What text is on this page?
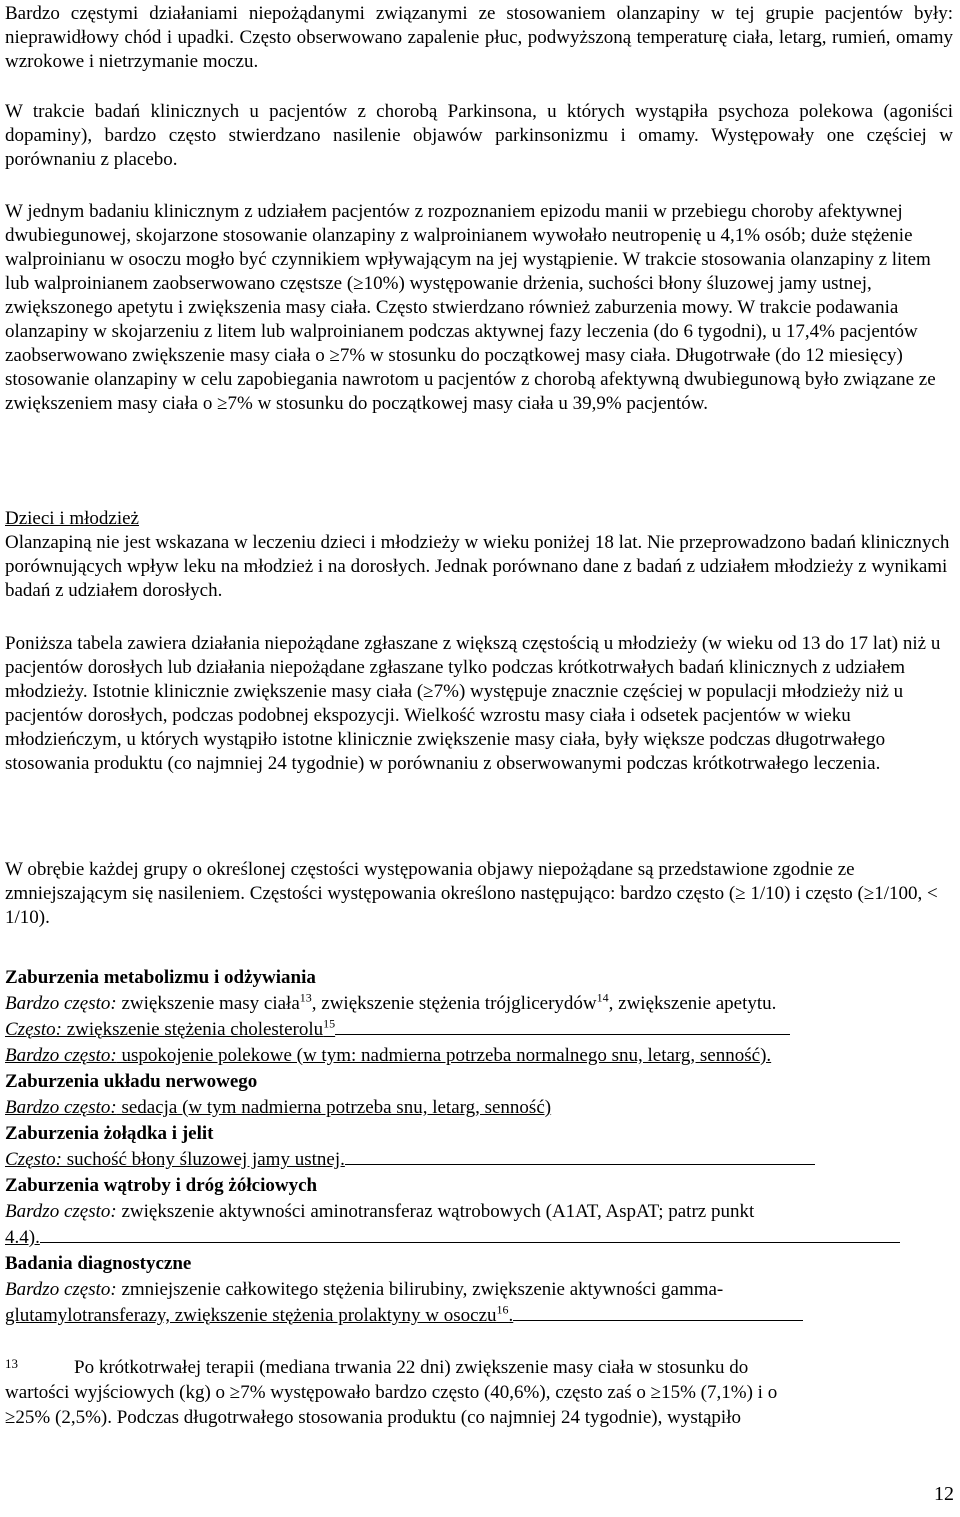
Bardzo częstymi działaniami niepożądanymi związanymi ze stosowaniem olanzapiny w tej grupie pacjentów były: nieprawidłowy chód i upadki. Często obserwowano zapalenie płuc, podwyższoną temperaturę ciała, letarg, rumień, omamy wzrokowe i nietrzymanie moczu.

W trakcie badań klinicznych u pacjentów z chorobą Parkinsona, u których wystąpiła psychoza polekowa (agoniści dopaminy), bardzo często stwierdzano nasilenie objawów parkinsonizmu i omamy. Występowały one częściej w porównaniu z placebo.

W jednym badaniu klinicznym z udziałem pacjentów z rozpoznaniem epizodu manii w przebiegu choroby afektywnej dwubiegunowej, skojarzone stosowanie olanzapiny z walproinianem wywołało neutropenię u 4,1% osób; duże stężenie walproinianu w osoczu mogło być czynnikiem wpływającym na jej wystąpienie. W trakcie stosowania olanzapiny z litem lub walproinianem zaobserwowano częstsze (≥10%) występowanie drżenia, suchości błony śluzowej jamy ustnej, zwiększonego apetytu i zwiększenia masy ciała. Często stwierdzano również zaburzenia mowy. W trakcie podawania olanzapiny w skojarzeniu z litem lub walproinianem podczas aktywnej fazy leczenia (do 6 tygodni), u 17,4% pacjentów zaobserwowano zwiększenie masy ciała o ≥7% w stosunku do początkowej masy ciała. Długotrwałe (do 12 miesięcy) stosowanie olanzapiny w celu zapobiegania nawrotom u pacjentów z chorobą afektywną dwubiegunową było związane ze zwiększeniem masy ciała o ≥7% w stosunku do początkowej masy ciała u 39,9% pacjentów.

Dzieci i młodzież

Olanzapiną nie jest wskazana w leczeniu dzieci i młodzieży w wieku poniżej 18 lat. Nie przeprowadzono badań klinicznych porównujących wpływ leku na młodzież i na dorosłych. Jednak porównano dane z badań z udziałem młodzieży z wynikami badań z udziałem dorosłych.

Poniższa tabela zawiera działania niepożądane zgłaszane z większą częstością u młodzieży (w wieku od 13 do 17 lat) niż u pacjentów dorosłych lub działania niepożądane zgłaszane tylko podczas krótkotrwałych badań klinicznych z udziałem młodzieży. Istotnie klinicznie zwiększenie masy ciała (≥7%) występuje znacznie częściej w populacji młodzieży niż u pacjentów dorosłych, podczas podobnej ekspozycji. Wielkość wzrostu masy ciała i odsetek pacjentów w wieku młodzieńczym, u których wystąpiło istotne klinicznie zwiększenie masy ciała, były większe podczas długotrwałego stosowania produktu (co najmniej 24 tygodnie) w porównaniu z obserwowanymi podczas krótkotrwałego leczenia.

W obrębie każdej grupy o określonej częstości występowania objawy niepożądane są przedstawione zgodnie ze zmniejszającym się nasileniem. Częstości występowania określono następująco: bardzo często (≥ 1/10) i często (≥1/100, < 1/10).

Zaburzenia metabolizmu i odżywiania

Bardzo często: zwiększenie masy ciała$^{13}$, zwiększenie stężenia trójglicerydów$^{14}$, zwiększenie apetytu.

Często: zwiększenie stężenia cholesterolu$^{15}$

Bardzo często: uspokojenie polekowe (w tym: nadmierna potrzeba normalnego snu, letarg, senność).

Zaburzenia układu nerwowego

Bardzo często: sedacja (w tym nadmierna potrzeba snu, letarg, senność)

Zaburzenia żołądka i jelit

Często: suchość błony śluzowej jamy ustnej.

Zaburzenia wątroby i dróg żółciowych

Bardzo często: zwiększenie aktywności aminotransferaz wątrobowych (A1AT, AspAT; patrz punkt

4.4).

Badania diagnostyczne

Bardzo często: zmniejszenie całkowitego stężenia bilirubiny, zwiększenie aktywności gamma-

glutamylotransferazy, zwiększenie stężenia prolaktyny w osoczu$^{16}$.

$^{13}$	Po krótkotrwałej terapii (mediana trwania 22 dni) zwiększenie masy ciała w stosunku do

wartości wyjściowych (kg) o ≥7% występowało bardzo często (40,6%), często zaś o ≥15% (7,1%) i o

≥25% (2,5%). Podczas długotrwałego stosowania produktu (co najmniej 24 tygodnie), wystąpiło

12
